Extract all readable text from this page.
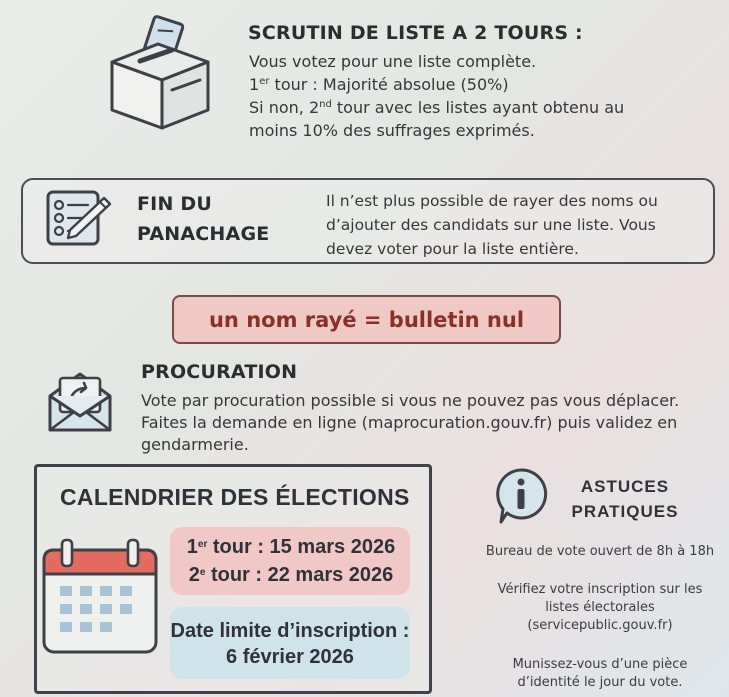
SCRUTIN DE LISTE A 2 TOURS :
Vous votez pour une liste complète.
1er tour : Majorité absolue (50%)
Si non, 2nd tour avec les listes ayant obtenu au
moins 10% des suffrages exprimés.
FIN DU
PANACHAGE
Il n’est plus possible de rayer des noms ou
d’ajouter des candidats sur une liste. Vous
devez voter pour la liste entière.
un nom rayé = bulletin nul
PROCURATION
Vote par procuration possible si vous ne pouvez pas vous déplacer.
Faites la demande en ligne (maprocuration.gouv.fr) puis validez en
gendarmerie.
CALENDRIER DES ÉLECTIONS
1er tour : 15 mars 2026
2e tour : 22 mars 2026
Date limite d’inscription :
6 février 2026
ASTUCES
PRATIQUES
Bureau de vote ouvert de 8h à 18h
Vérifiez votre inscription sur les
listes électorales
(servicepublic.gouv.fr)
Munissez-vous d’une pièce
d’identité le jour du vote.
